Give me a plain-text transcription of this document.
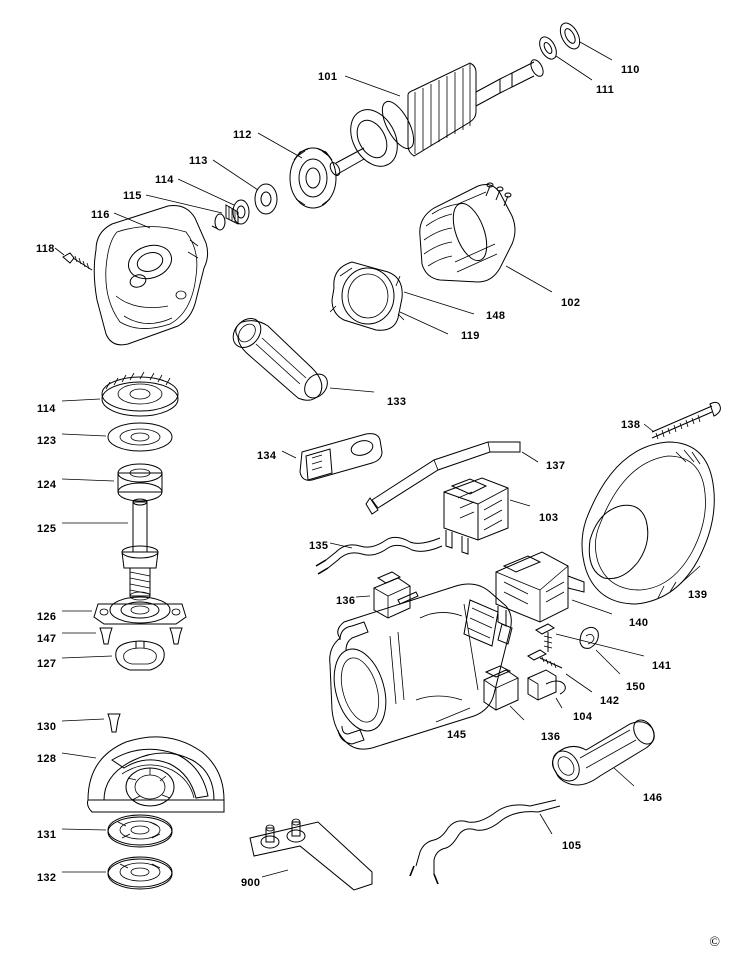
101
110
111
112
113
114
115
116
118
102
148
119
133
114
123
124
125
138
134
137
103
135
139
136
140
126
147
127	141
150
142
104
145	136
130
128
146
131
105
132	900
©
